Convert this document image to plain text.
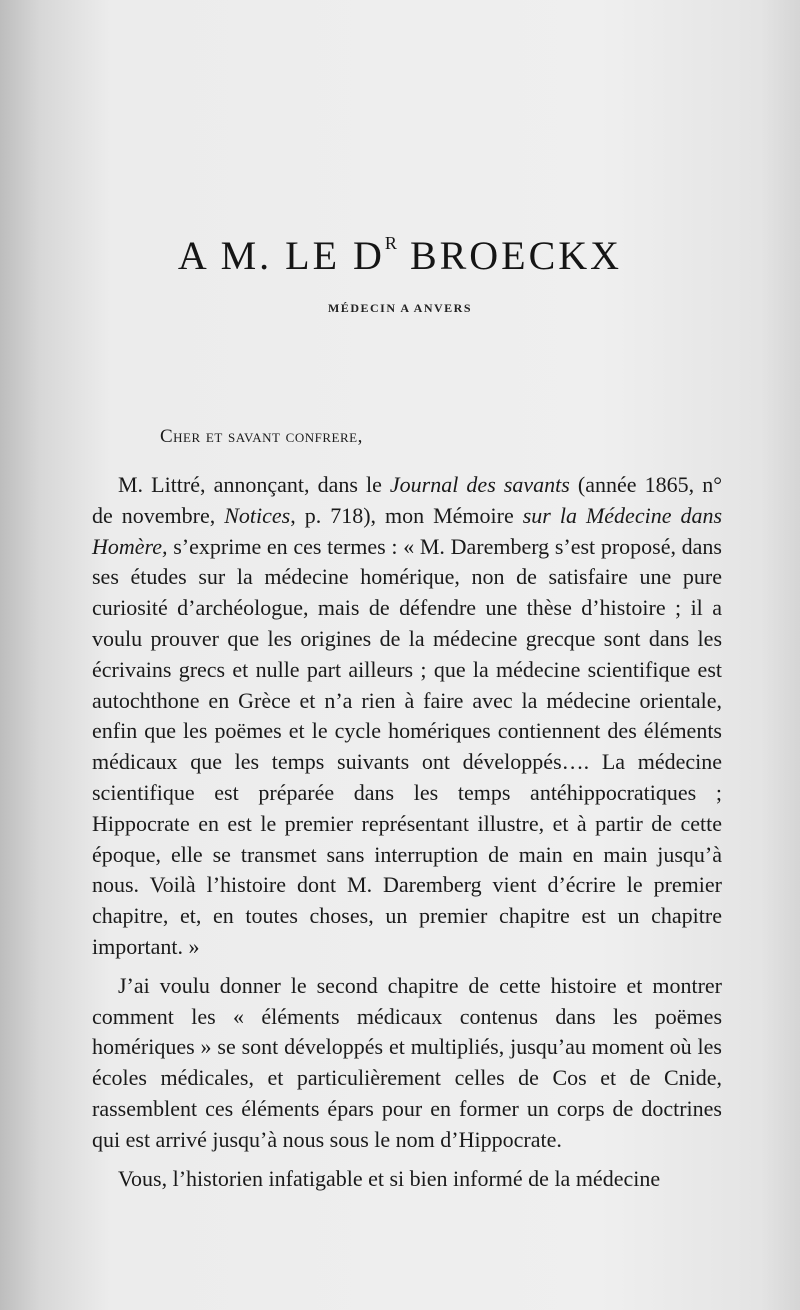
A M. LE $D^R$ BROECKX
MÉDECIN A ANVERS
Cher et savant confrere,

M. Littré, annonçant, dans le Journal des savants (année 1865, n° de novembre, Notices, p. 718), mon Mémoire sur la Médecine dans Homère, s’exprime en ces termes : « M. Daremberg s’est proposé, dans ses études sur la médecine homérique, non de satisfaire une pure curiosité d’archéologue, mais de défendre une thèse d’histoire ; il a voulu prouver que les origines de la médecine grecque sont dans les écrivains grecs et nulle part ailleurs ; que la médecine scientifique est autochthone en Grèce et n’a rien à faire avec la médecine orientale, enfin que les poëmes et le cycle homériques contiennent des éléments médicaux que les temps suivants ont développés…. La médecine scientifique est préparée dans les temps antéhippocratiques ; Hippocrate en est le premier représentant illustre, et à partir de cette époque, elle se transmet sans interruption de main en main jusqu’à nous. Voilà l’histoire dont M. Daremberg vient d’écrire le premier chapitre, et, en toutes choses, un premier chapitre est un chapitre important. »

J’ai voulu donner le second chapitre de cette histoire et montrer comment les « éléments médicaux contenus dans les poëmes homériques » se sont développés et multipliés, jusqu’au moment où les écoles médicales, et particulièrement celles de Cos et de Cnide, rassemblent ces éléments épars pour en former un corps de doctrines qui est arrivé jusqu’à nous sous le nom d’Hippocrate.

Vous, l’historien infatigable et si bien informé de la médecine
